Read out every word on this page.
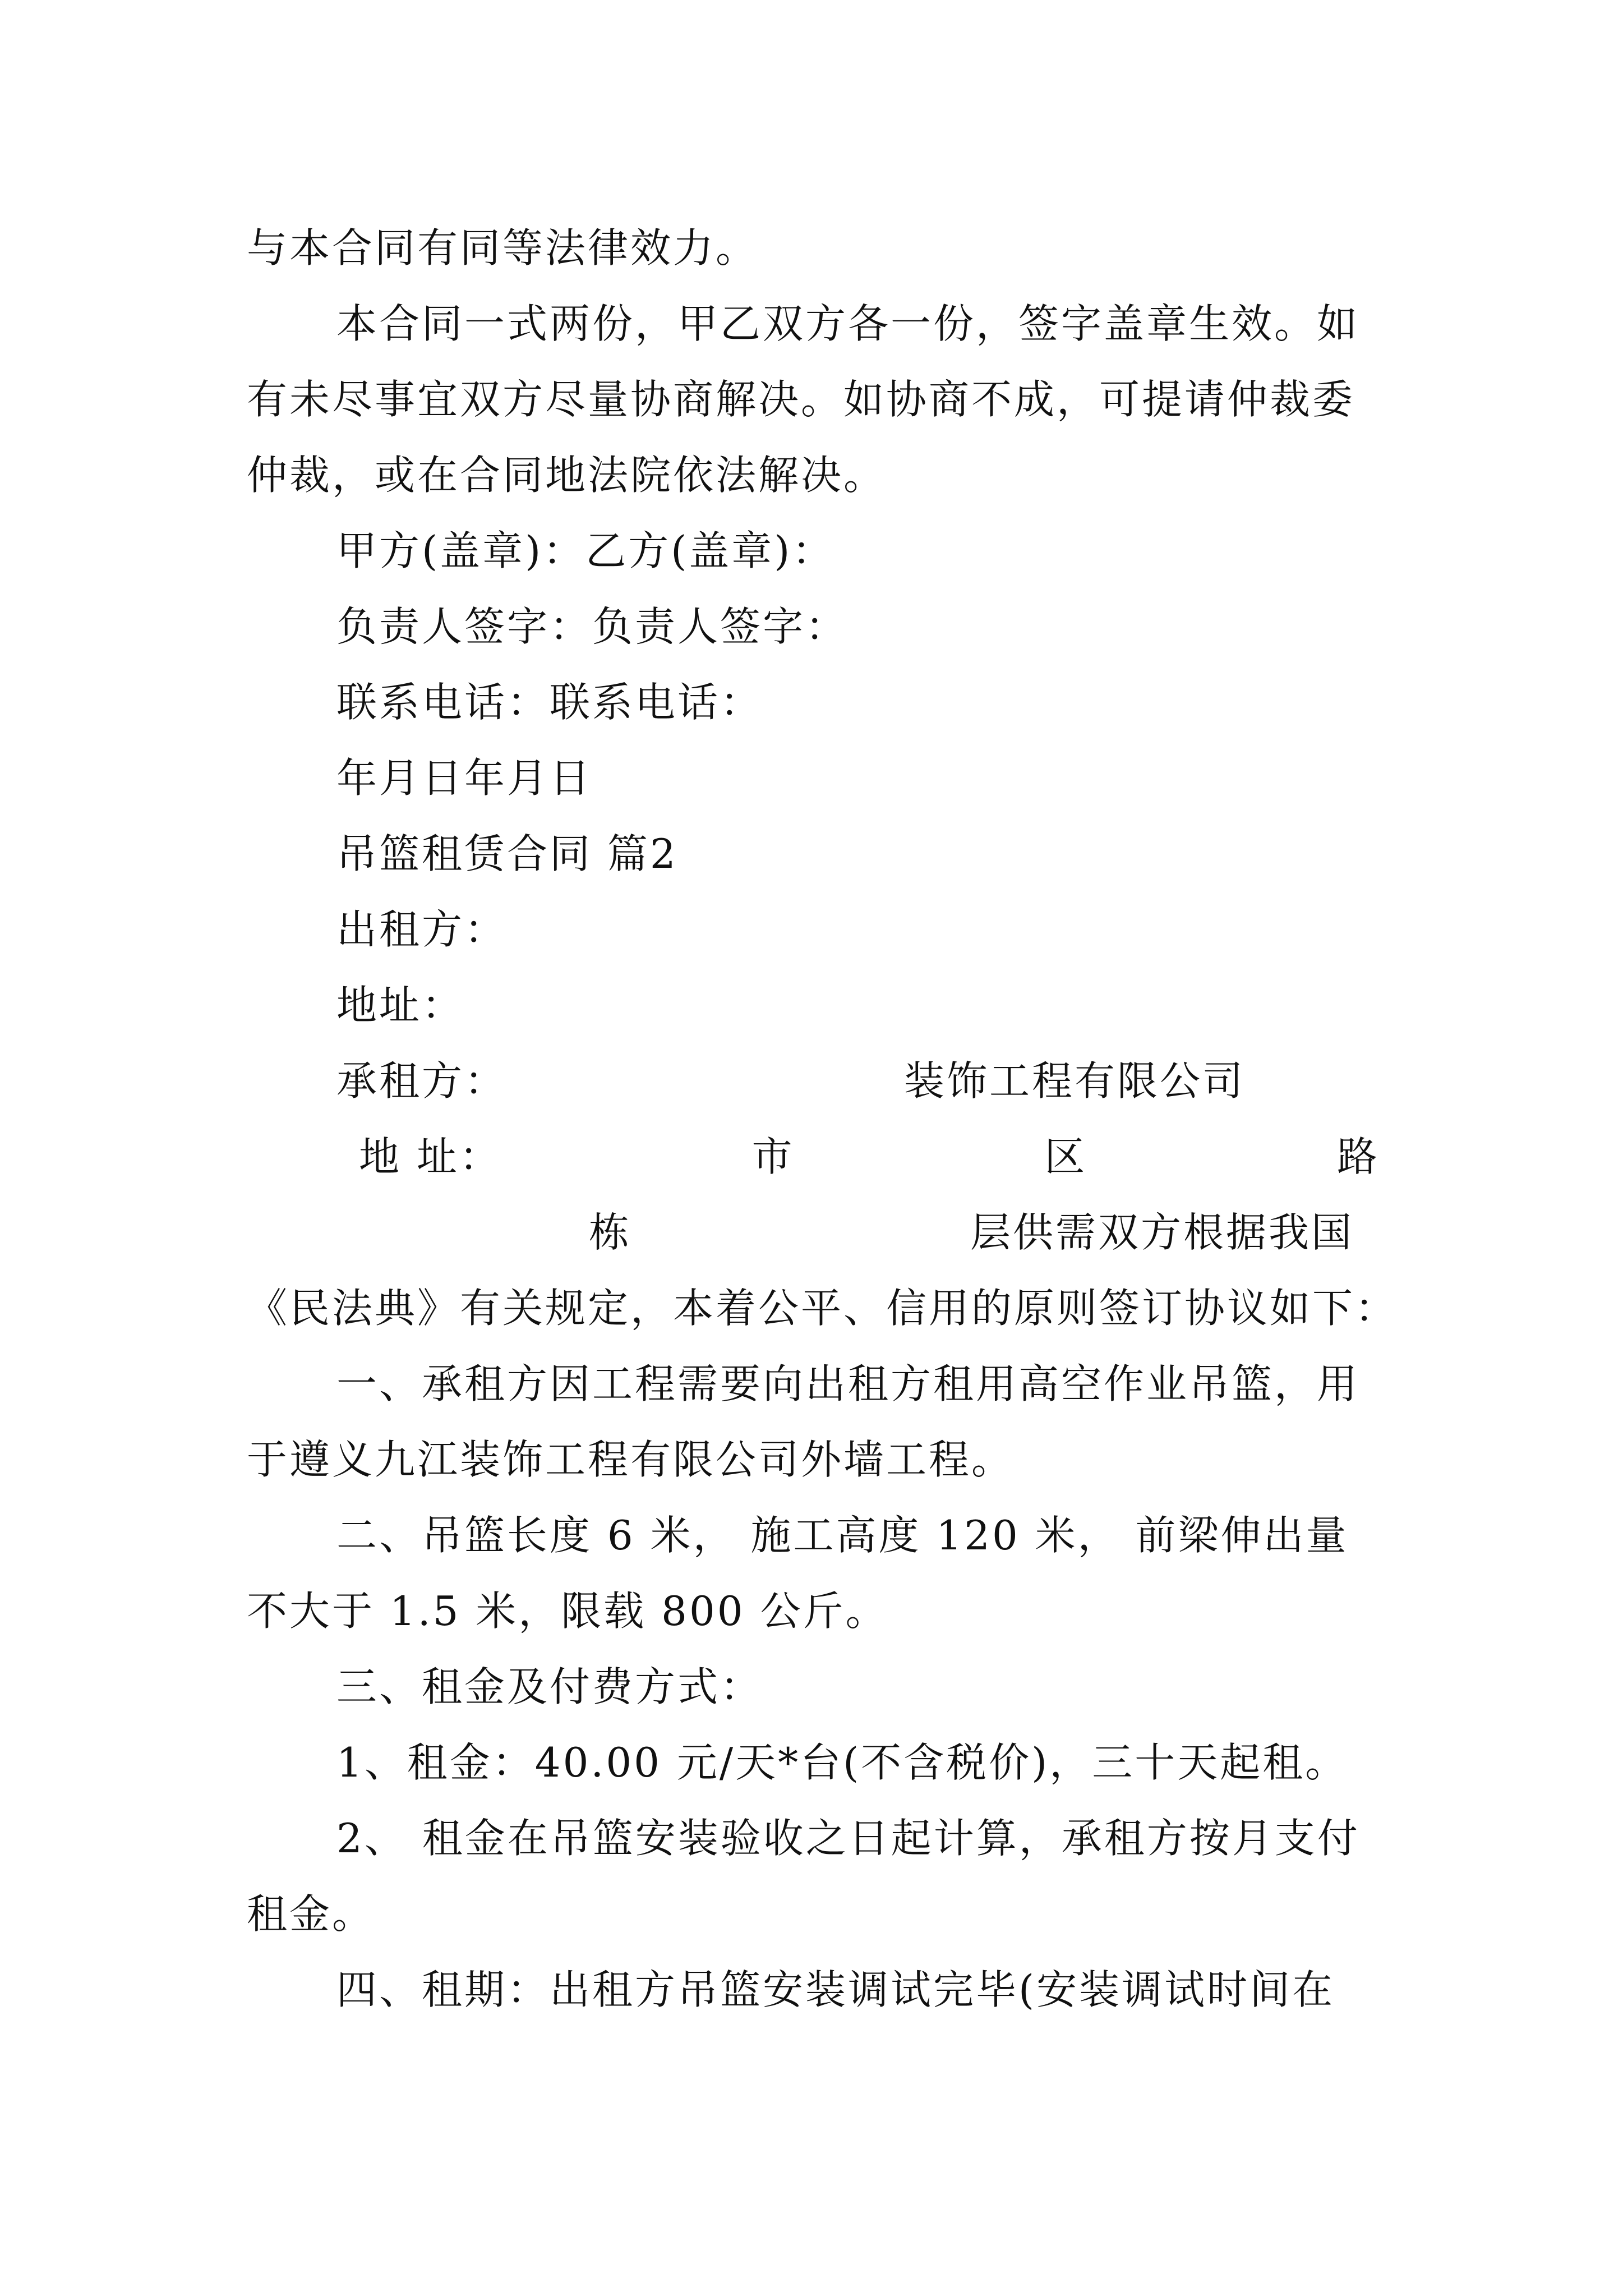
与本合同有同等法律效力。
本合同一式两份，甲乙双方各一份，签字盖章生效。如
有未尽事宜双方尽量协商解决。如协商不成，可提请仲裁委
仲裁，或在合同地法院依法解决。
甲方(盖章)：乙方(盖章)：
负责人签字：负责人签字：
联系电话：联系电话：
年月日年月日
吊篮租赁合同 篇2
出租方：
地址：
承租方：	装饰工程有限公司
地 址：	市	区	路
栋	层供需双方根据我国
《民法典》有关规定，本着公平、信用的原则签订协议如下：
一、承租方因工程需要向出租方租用高空作业吊篮，用
于遵义九江装饰工程有限公司外墙工程。
二、吊篮长度 6 米， 施工高度 120 米， 前梁伸出量
不大于 1.5 米，限载 800 公斤。
三、租金及付费方式：
1、租金：40.00 元/天*台(不含税价)，三十天起租。
2、 租金在吊篮安装验收之日起计算，承租方按月支付
租金。
四、租期：出租方吊篮安装调试完毕(安装调试时间在
